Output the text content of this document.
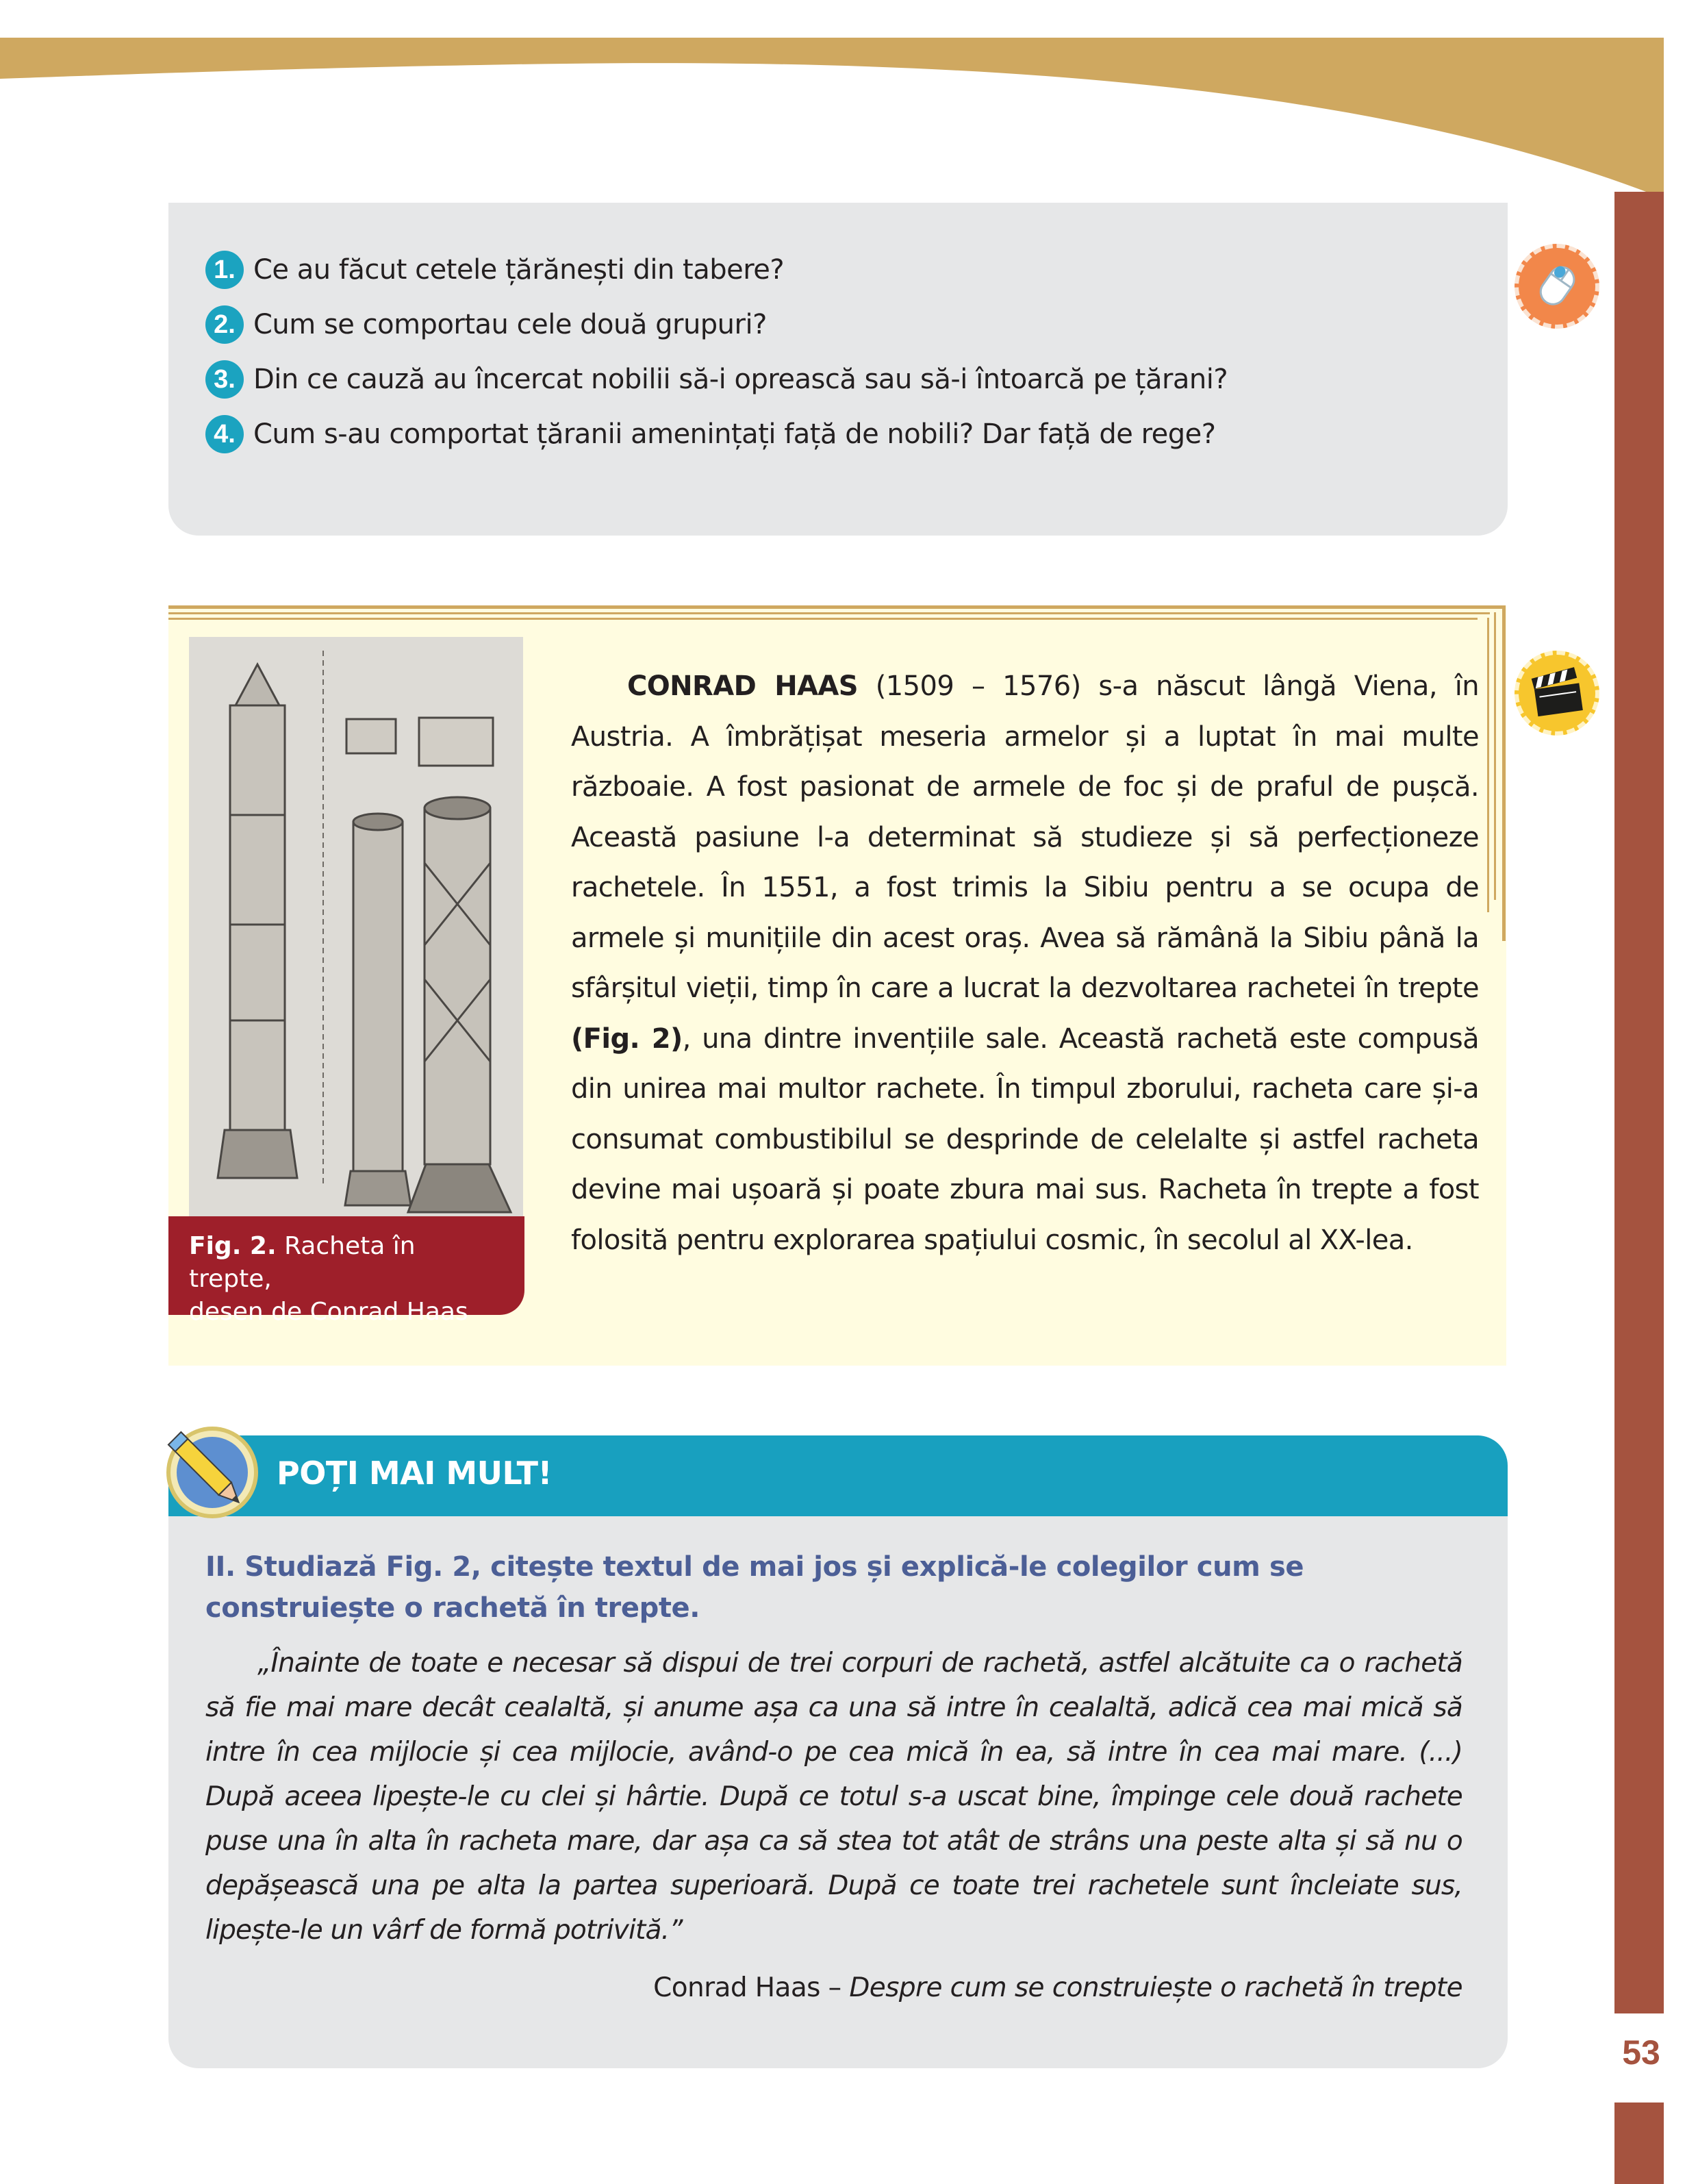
53
1. Ce au făcut cetele țărănești din tabere?
2. Cum se comportau cele două grupuri?
3. Din ce cauză au încercat nobilii să-i oprească sau să-i întoarcă pe țărani?
4. Cum s-au comportat țăranii amenințați față de nobili? Dar față de rege?
Fig. 2. Racheta în trepte,
desen de Conrad Haas
CONRAD HAAS (1509 – 1576) s-a născut lângă Viena, în Austria. A îmbrățișat meseria armelor și a luptat în mai multe războaie. A fost pasionat de armele de foc și de praful de pușcă. Această pasiune l-a determinat să studieze și să perfecționeze rachetele. În 1551, a fost trimis la Sibiu pentru a se ocupa de armele și munițiile din acest oraș. Avea să rămână la Sibiu până la sfârșitul vieții, timp în care a lucrat la dezvoltarea rachetei în trepte (Fig. 2), una dintre invențiile sale. Această rachetă este compusă din unirea mai multor rachete. În timpul zborului, racheta care și-a consumat combustibilul se desprinde de celelalte și astfel racheta devine mai ușoară și poate zbura mai sus. Racheta în trepte a fost folosită pentru explorarea spațiului cosmic, în secolul al XX-lea.
POȚI MAI MULT!
II. Studiază Fig. 2, citește textul de mai jos și explică-le colegilor cum se construiește o rachetă în trepte.
„Înainte de toate e necesar să dispui de trei corpuri de rachetă, astfel alcătuite ca o rachetă să fie mai mare decât cealaltă, și anume așa ca una să intre în cealaltă, adică cea mai mică să intre în cea mijlocie și cea mijlocie, având-o pe cea mică în ea, să intre în cea mai mare. (...) După aceea lipește-le cu clei și hârtie. După ce totul s-a uscat bine, împinge cele două rachete puse una în alta în racheta mare, dar așa ca să stea tot atât de strâns una peste alta și să nu o depășească una pe alta la partea superioară. După ce toate trei rachetele sunt încleiate sus, lipește-le un vârf de formă potrivită.”
Conrad Haas – Despre cum se construiește o rachetă în trepte
